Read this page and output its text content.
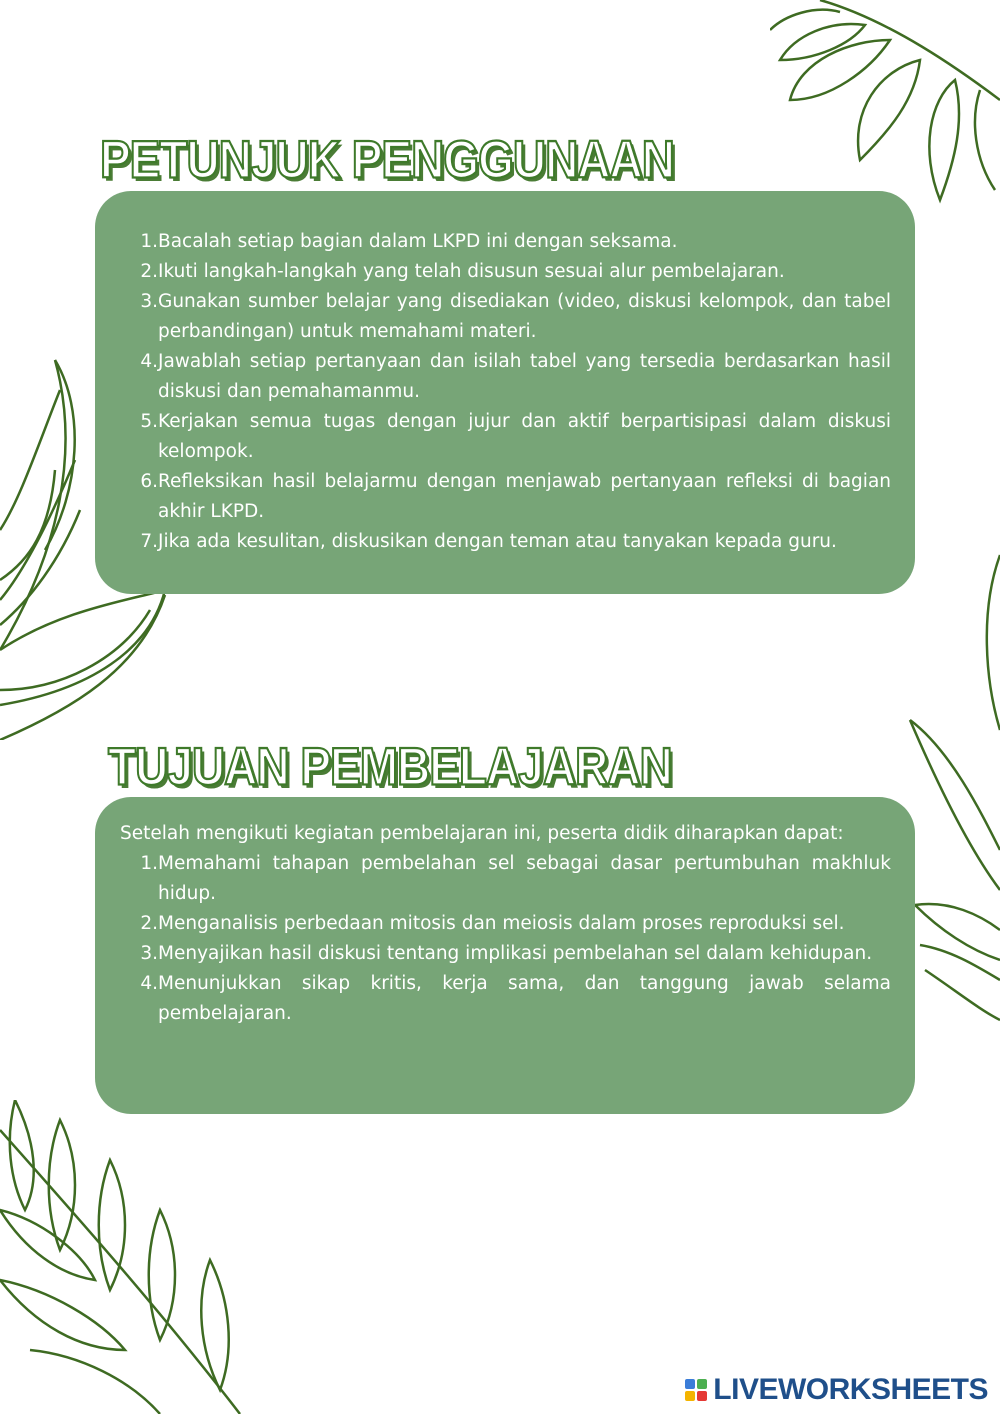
PETUNJUK PENGGUNAAN
1. Bacalah setiap bagian dalam LKPD ini dengan seksama.
2. Ikuti langkah-langkah yang telah disusun sesuai alur pembelajaran.
3. Gunakan sumber belajar yang disediakan (video, diskusi kelompok, dan tabel perbandingan) untuk memahami materi.
4. Jawablah setiap pertanyaan dan isilah tabel yang tersedia berdasarkan hasil diskusi dan pemahamanmu.
5. Kerjakan semua tugas dengan jujur dan aktif berpartisipasi dalam diskusi kelompok.
6. Refleksikan hasil belajarmu dengan menjawab pertanyaan refleksi di bagian akhir LKPD.
7. Jika ada kesulitan, diskusikan dengan teman atau tanyakan kepada guru.
TUJUAN PEMBELAJARAN

Setelah mengikuti kegiatan pembelajaran ini, peserta didik diharapkan dapat:

1. Memahami tahapan pembelahan sel sebagai dasar pertumbuhan makhluk hidup.
2. Menganalisis perbedaan mitosis dan meiosis dalam proses reproduksi sel.
3. Menyajikan hasil diskusi tentang implikasi pembelahan sel dalam kehidupan.
4. Menunjukkan sikap kritis, kerja sama, dan tanggung jawab selama pembelajaran.
LIVEWORKSHEETS
